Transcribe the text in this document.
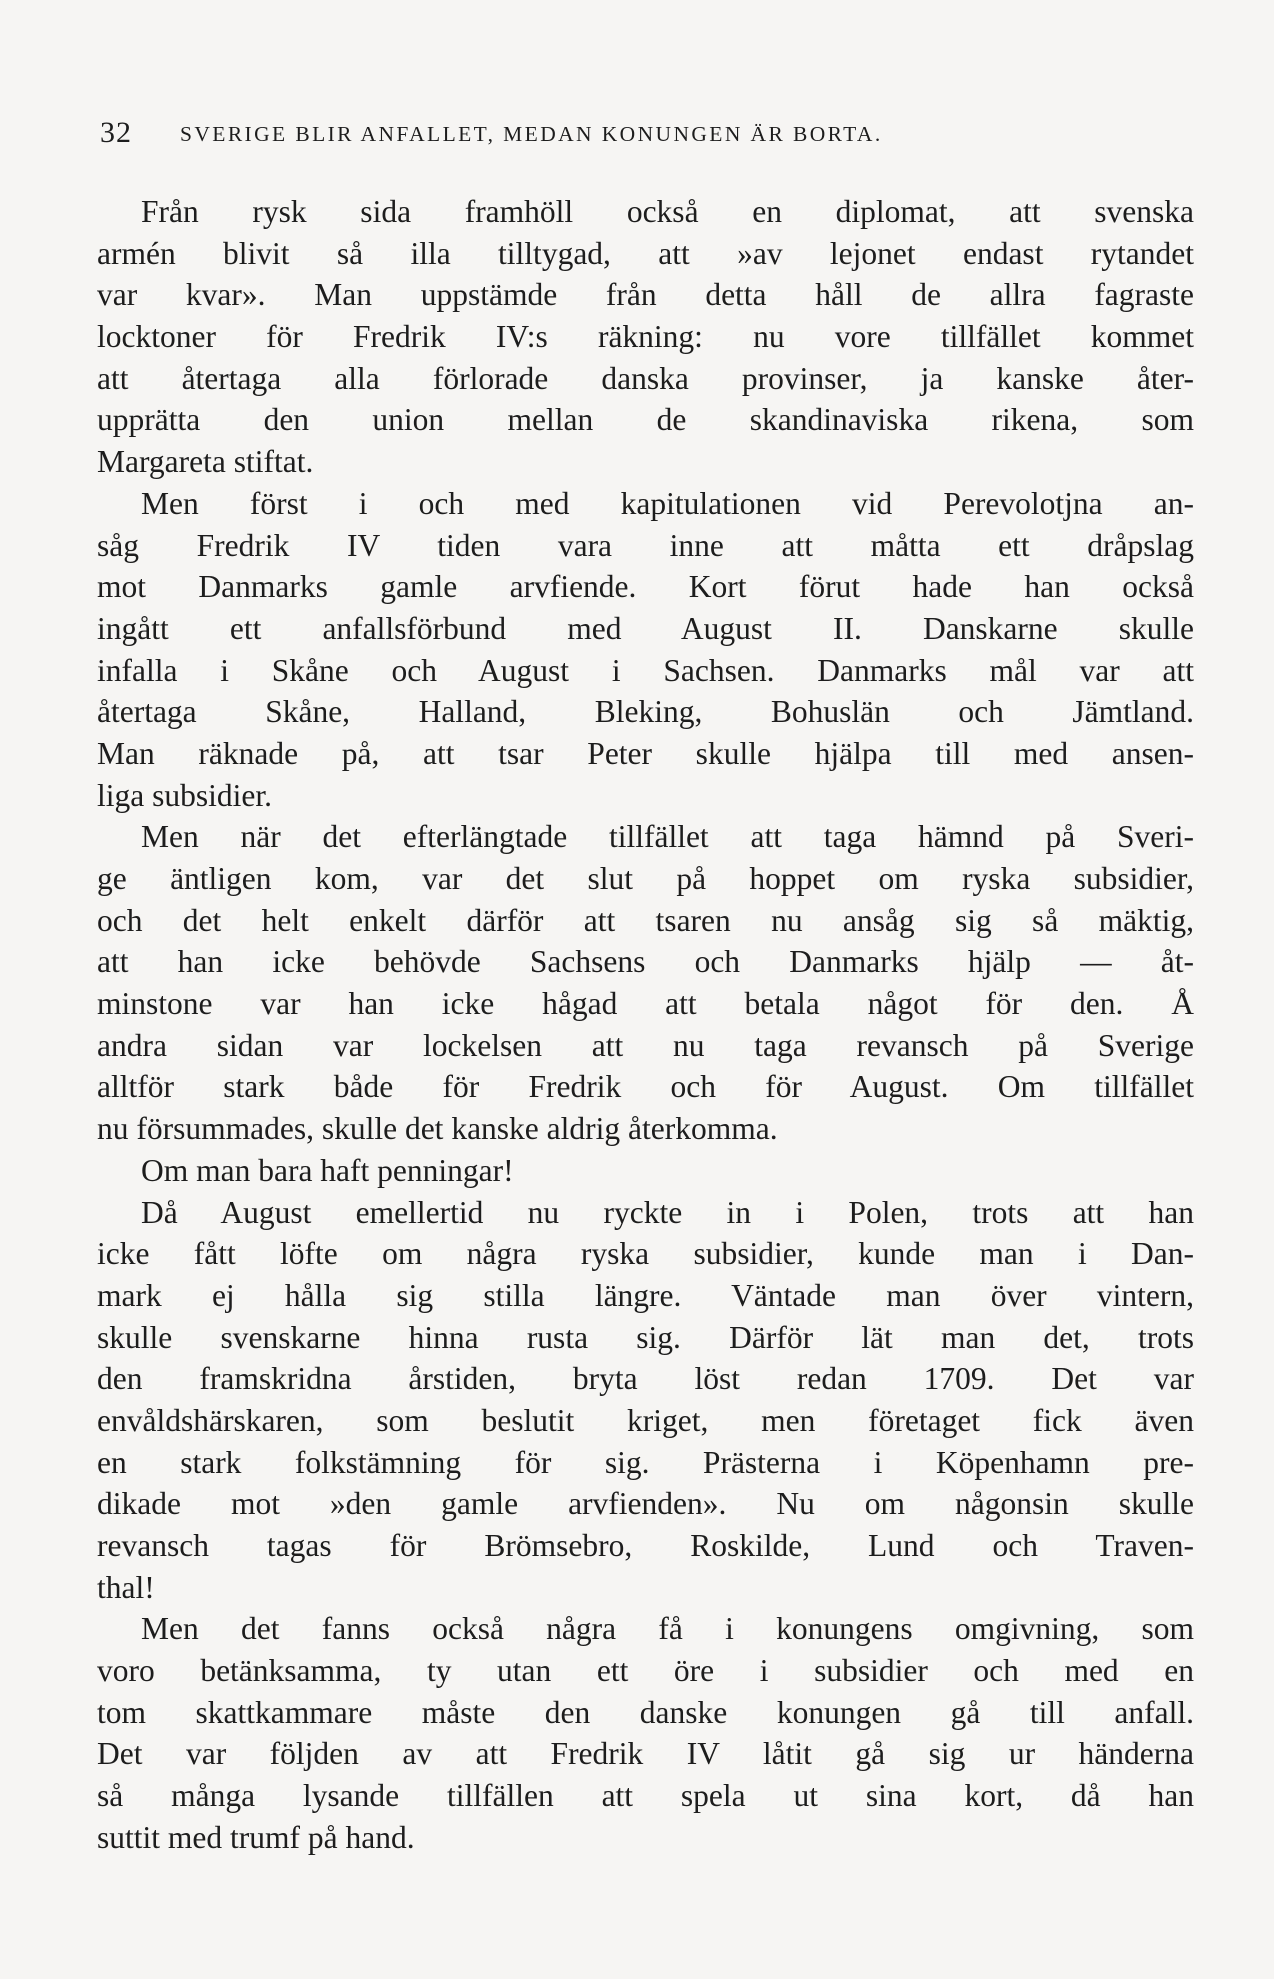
32 SVERIGE BLIR ANFALLET, MEDAN KONUNGEN ÄR BORTA.
Från rysk sida framhöll också en diplomat, att svenska
armén blivit så illa tilltygad, att »av lejonet endast rytandet
var kvar». Man uppstämde från detta håll de allra fagraste
locktoner för Fredrik IV:s räkning: nu vore tillfället kommet
att återtaga alla förlorade danska provinser, ja kanske åter-
upprätta den union mellan de skandinaviska rikena, som
Margareta stiftat.
Men först i och med kapitulationen vid Perevolotjna an-
såg Fredrik IV tiden vara inne att måtta ett dråpslag
mot Danmarks gamle arvfiende. Kort förut hade han också
ingått ett anfallsförbund med August II. Danskarne skulle
infalla i Skåne och August i Sachsen. Danmarks mål var att
återtaga Skåne, Halland, Bleking, Bohuslän och Jämtland.
Man räknade på, att tsar Peter skulle hjälpa till med ansen-
liga subsidier.
Men när det efterlängtade tillfället att taga hämnd på Sveri-
ge äntligen kom, var det slut på hoppet om ryska subsidier,
och det helt enkelt därför att tsaren nu ansåg sig så mäktig,
att han icke behövde Sachsens och Danmarks hjälp — åt-
minstone var han icke hågad att betala något för den. Å
andra sidan var lockelsen att nu taga revansch på Sverige
alltför stark både för Fredrik och för August. Om tillfället
nu försummades, skulle det kanske aldrig återkomma.
Om man bara haft penningar!
Då August emellertid nu ryckte in i Polen, trots att han
icke fått löfte om några ryska subsidier, kunde man i Dan-
mark ej hålla sig stilla längre. Väntade man över vintern,
skulle svenskarne hinna rusta sig. Därför lät man det, trots
den framskridna årstiden, bryta löst redan 1709. Det var
envåldshärskaren, som beslutit kriget, men företaget fick även
en stark folkstämning för sig. Prästerna i Köpenhamn pre-
dikade mot »den gamle arvfienden». Nu om någonsin skulle
revansch tagas för Brömsebro, Roskilde, Lund och Traven-
thal!
Men det fanns också några få i konungens omgivning, som
voro betänksamma, ty utan ett öre i subsidier och med en
tom skattkammare måste den danske konungen gå till anfall.
Det var följden av att Fredrik IV låtit gå sig ur händerna
så många lysande tillfällen att spela ut sina kort, då han
suttit med trumf på hand.
